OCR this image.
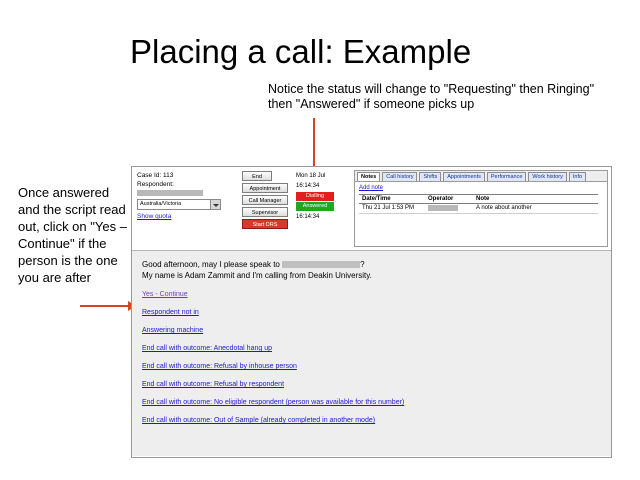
Placing a call: Example
Notice the status will change to "Requesting" then Ringing" then "Answered" if someone picks up
Once answered and the script read out, click on "Yes – Continue" if the person is the one you are after
Case Id: 113
Respondent:
Australia/Victoria
Show quota
End
Appointment
Call Manager
Supervisor
Start DRS
Mon 18 Jul
16:14:34
Dialling
Answered
16:14:34
Notes	Call history	Shifts	Appointments	Performance	Work history	Info
Add note
Date/Time	Operator	Note
Thu 21 Jul 1:53 PM		A note about another
Good afternoon, may I please speak to	?
My name is Adam Zammit and I'm calling from Deakin University.
Yes - Continue
Respondent not in
Answering machine
End call with outcome: Anecdotal hang up
End call with outcome: Refusal by inhouse person
End call with outcome: Refusal by respondent
End call with outcome: No eligible respondent (person was available for this number)
End call with outcome: Out of Sample (already completed in another mode)
